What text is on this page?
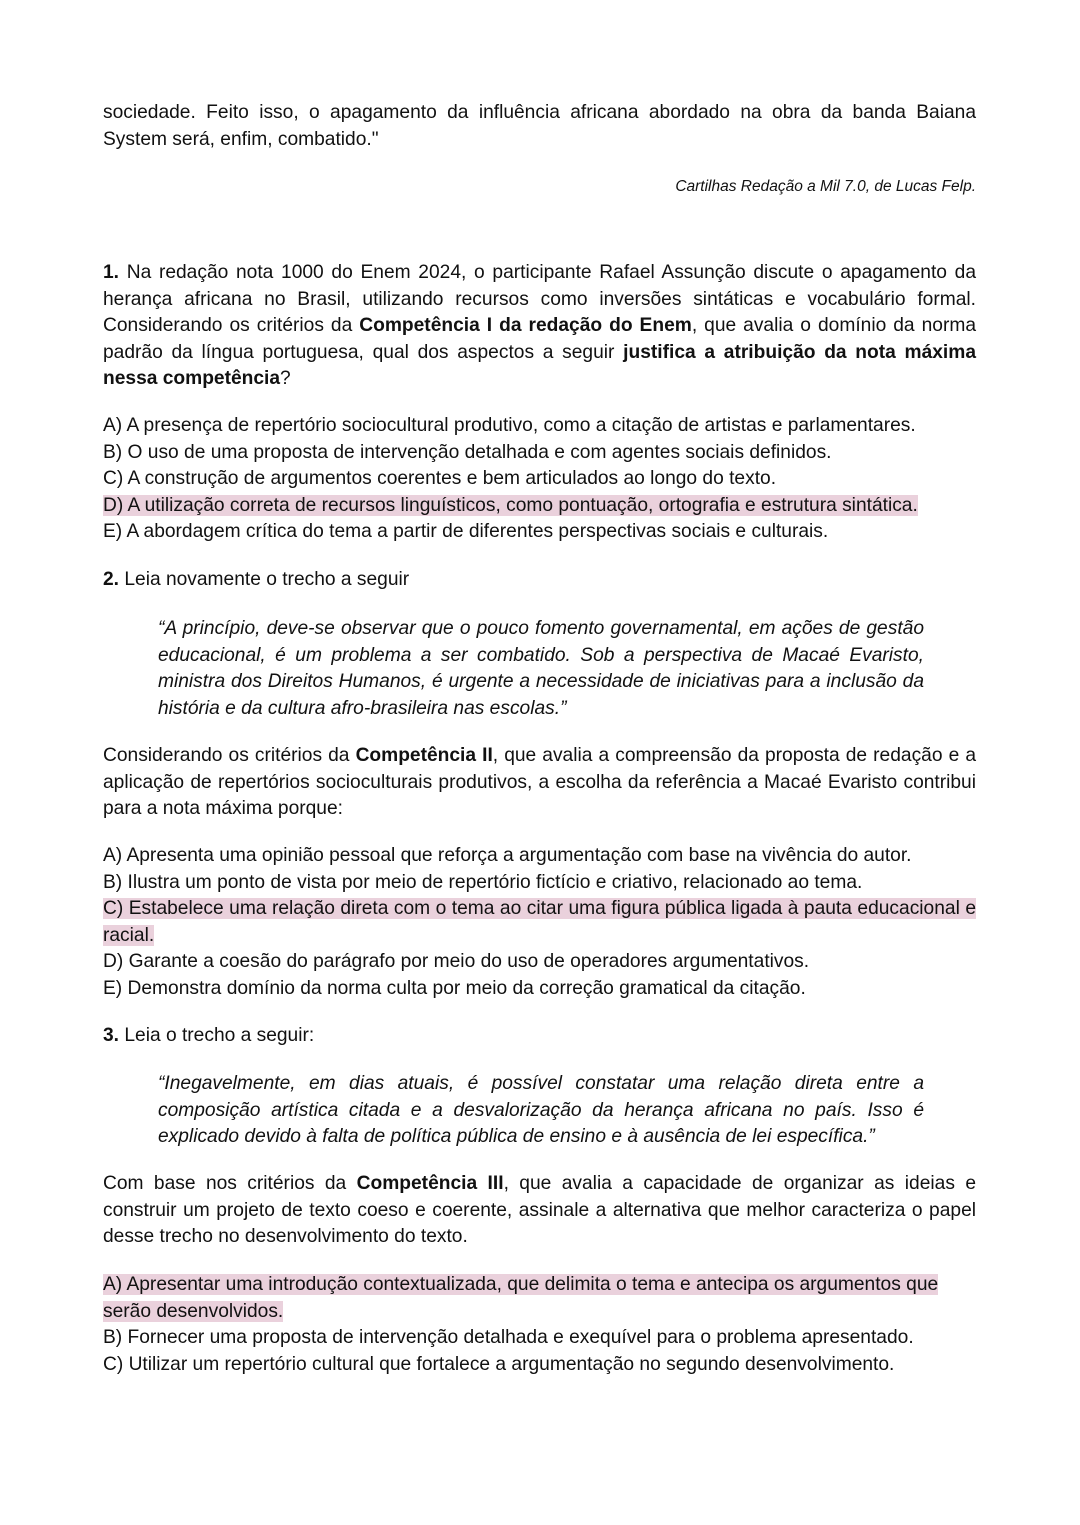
sociedade. Feito isso, o apagamento da influência africana abordado na obra da banda Baiana System será, enfim, combatido."

Cartilhas Redação a Mil 7.0, de Lucas Felp.

1. Na redação nota 1000 do Enem 2024, o participante Rafael Assunção discute o apagamento da herança africana no Brasil, utilizando recursos como inversões sintáticas e vocabulário formal. Considerando os critérios da Competência I da redação do Enem, que avalia o domínio da norma padrão da língua portuguesa, qual dos aspectos a seguir justifica a atribuição da nota máxima nessa competência?

A) A presença de repertório sociocultural produtivo, como a citação de artistas e parlamentares.

B) O uso de uma proposta de intervenção detalhada e com agentes sociais definidos.

C) A construção de argumentos coerentes e bem articulados ao longo do texto.

D) A utilização correta de recursos linguísticos, como pontuação, ortografia e estrutura sintática.

E) A abordagem crítica do tema a partir de diferentes perspectivas sociais e culturais.

2. Leia novamente o trecho a seguir

“A princípio, deve-se observar que o pouco fomento governamental, em ações de gestão educacional, é um problema a ser combatido. Sob a perspectiva de Macaé Evaristo, ministra dos Direitos Humanos, é urgente a necessidade de iniciativas para a inclusão da história e da cultura afro-brasileira nas escolas.”

Considerando os critérios da Competência II, que avalia a compreensão da proposta de redação e a aplicação de repertórios socioculturais produtivos, a escolha da referência a Macaé Evaristo contribui para a nota máxima porque:

A) Apresenta uma opinião pessoal que reforça a argumentação com base na vivência do autor.

B) Ilustra um ponto de vista por meio de repertório fictício e criativo, relacionado ao tema.

C) Estabelece uma relação direta com o tema ao citar uma figura pública ligada à pauta educacional e racial.

D) Garante a coesão do parágrafo por meio do uso de operadores argumentativos.

E) Demonstra domínio da norma culta por meio da correção gramatical da citação.

3. Leia o trecho a seguir:

“Inegavelmente, em dias atuais, é possível constatar uma relação direta entre a composição artística citada e a desvalorização da herança africana no país. Isso é explicado devido à falta de política pública de ensino e à ausência de lei específica.”

Com base nos critérios da Competência III, que avalia a capacidade de organizar as ideias e construir um projeto de texto coeso e coerente, assinale a alternativa que melhor caracteriza o papel desse trecho no desenvolvimento do texto.

A) Apresentar uma introdução contextualizada, que delimita o tema e antecipa os argumentos que serão desenvolvidos.

B) Fornecer uma proposta de intervenção detalhada e exequível para o problema apresentado.

C) Utilizar um repertório cultural que fortalece a argumentação no segundo desenvolvimento.
